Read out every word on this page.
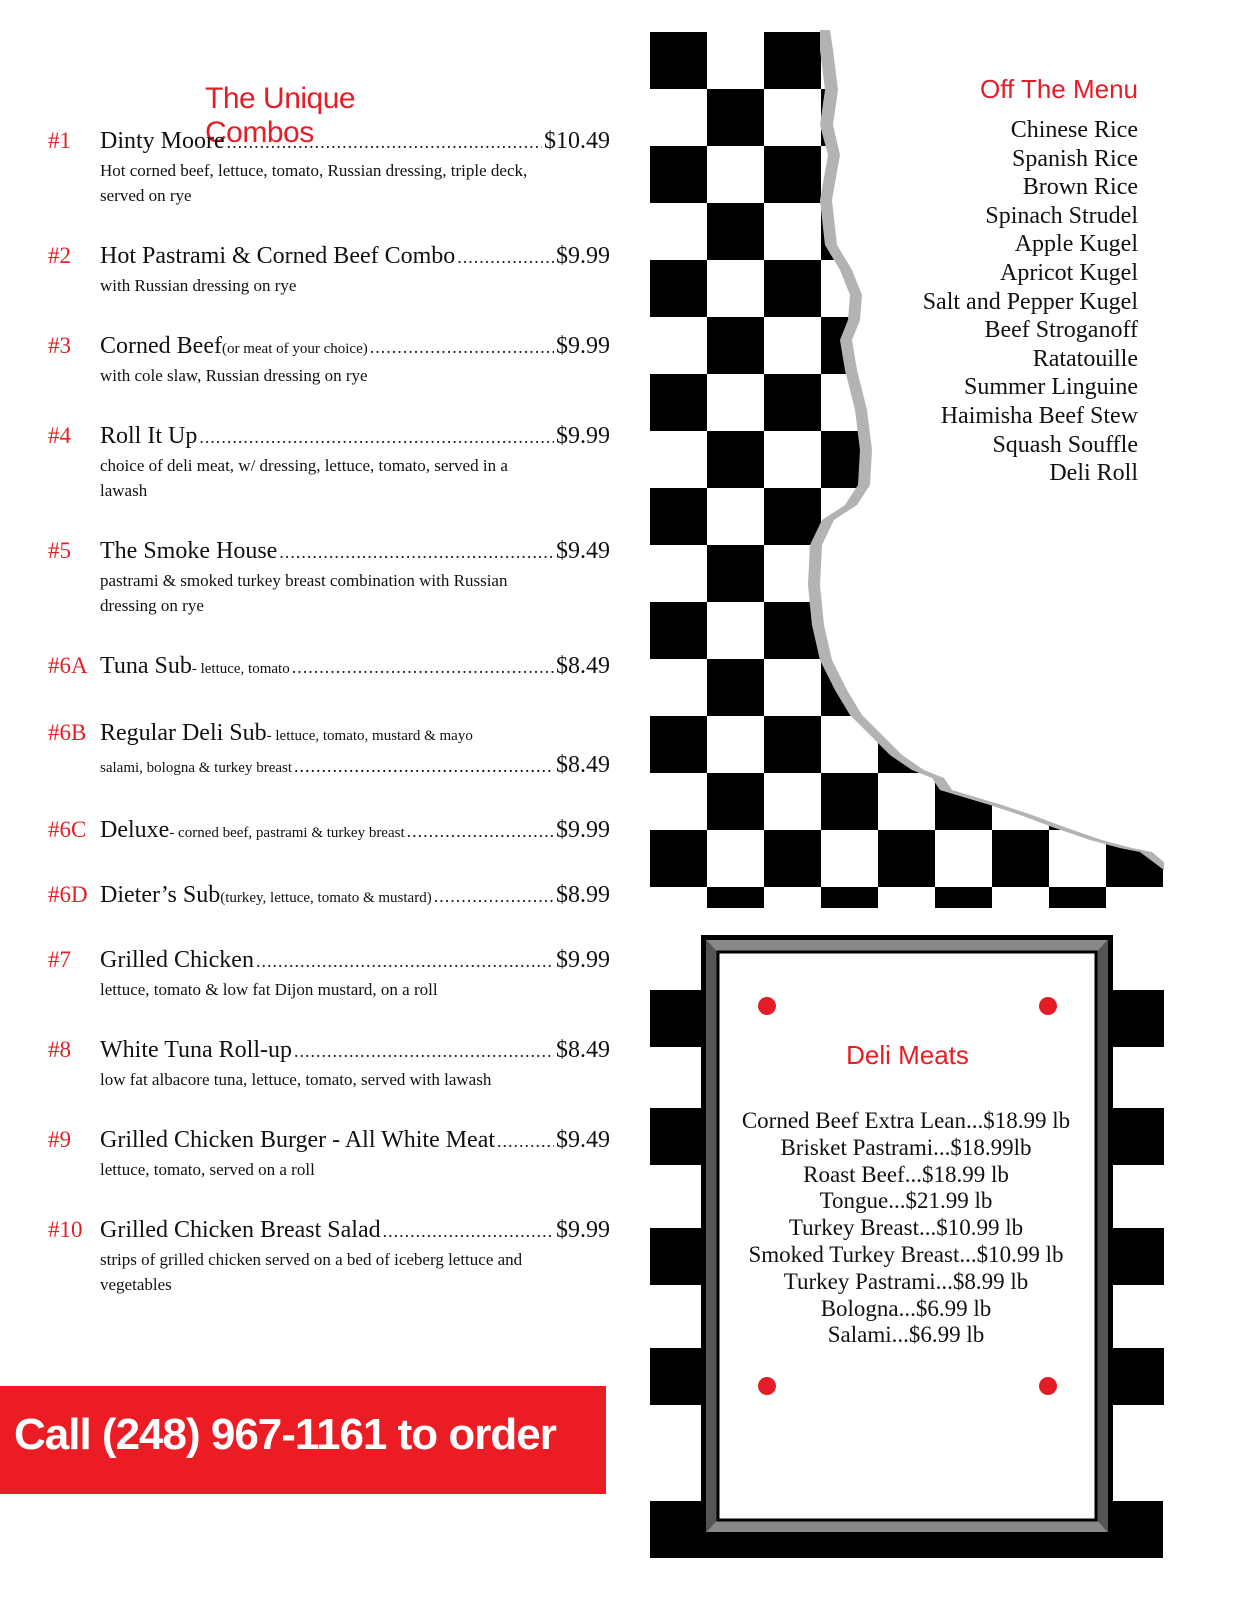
The Unique Combos
#1 Dinty Moore .....	$10.49
Hot corned beef, lettuce, tomato, Russian dressing, triple deck, served on rye
#2 Hot Pastrami & Corned Beef Combo .....	$9.99
with Russian dressing on rye
#3 Corned Beef (or meat of your choice) .....	$9.99
with cole slaw, Russian dressing on rye
#4 Roll It Up .....	$9.99
choice of deli meat, w/ dressing, lettuce, tomato, served in a lawash
#5 The Smoke House .....	$9.49
pastrami & smoked turkey breast combination with Russian dressing on rye
#6A Tuna Sub - lettuce, tomato .....	$8.49
#6B Regular Deli Sub - lettuce, tomato, mustard & mayo
salami, bologna & turkey breast .....	$8.49
#6C Deluxe - corned beef, pastrami & turkey breast .....	$9.99
#6D Dieter’s Sub (turkey, lettuce, tomato & mustard) .....	$8.99
#7 Grilled Chicken .....	$9.99
lettuce, tomato & low fat Dijon mustard, on a roll
#8 White Tuna Roll-up .....	$8.49
low fat albacore tuna, lettuce, tomato, served with lawash
#9 Grilled Chicken Burger - All White Meat .....	$9.49
lettuce, tomato, served on a roll
#10 Grilled Chicken Breast Salad .....	$9.99
strips of grilled chicken served on a bed of iceberg lettuce and vegetables
Call (248) 967-1161 to order
Off The Menu
Chinese Rice
Spanish Rice
Brown Rice
Spinach Strudel
Apple Kugel
Apricot Kugel
Salt and Pepper Kugel
Beef Stroganoff
Ratatouille
Summer Linguine
Haimisha Beef Stew
Squash Souffle
Deli Roll
Deli Meats
Corned Beef Extra Lean...$18.99 lb
Brisket Pastrami...$18.99lb
Roast Beef...$18.99 lb
Tongue...$21.99 lb
Turkey Breast...$10.99 lb
Smoked Turkey Breast...$10.99 lb
Turkey Pastrami...$8.99 lb
Bologna...$6.99 lb
Salami...$6.99 lb
